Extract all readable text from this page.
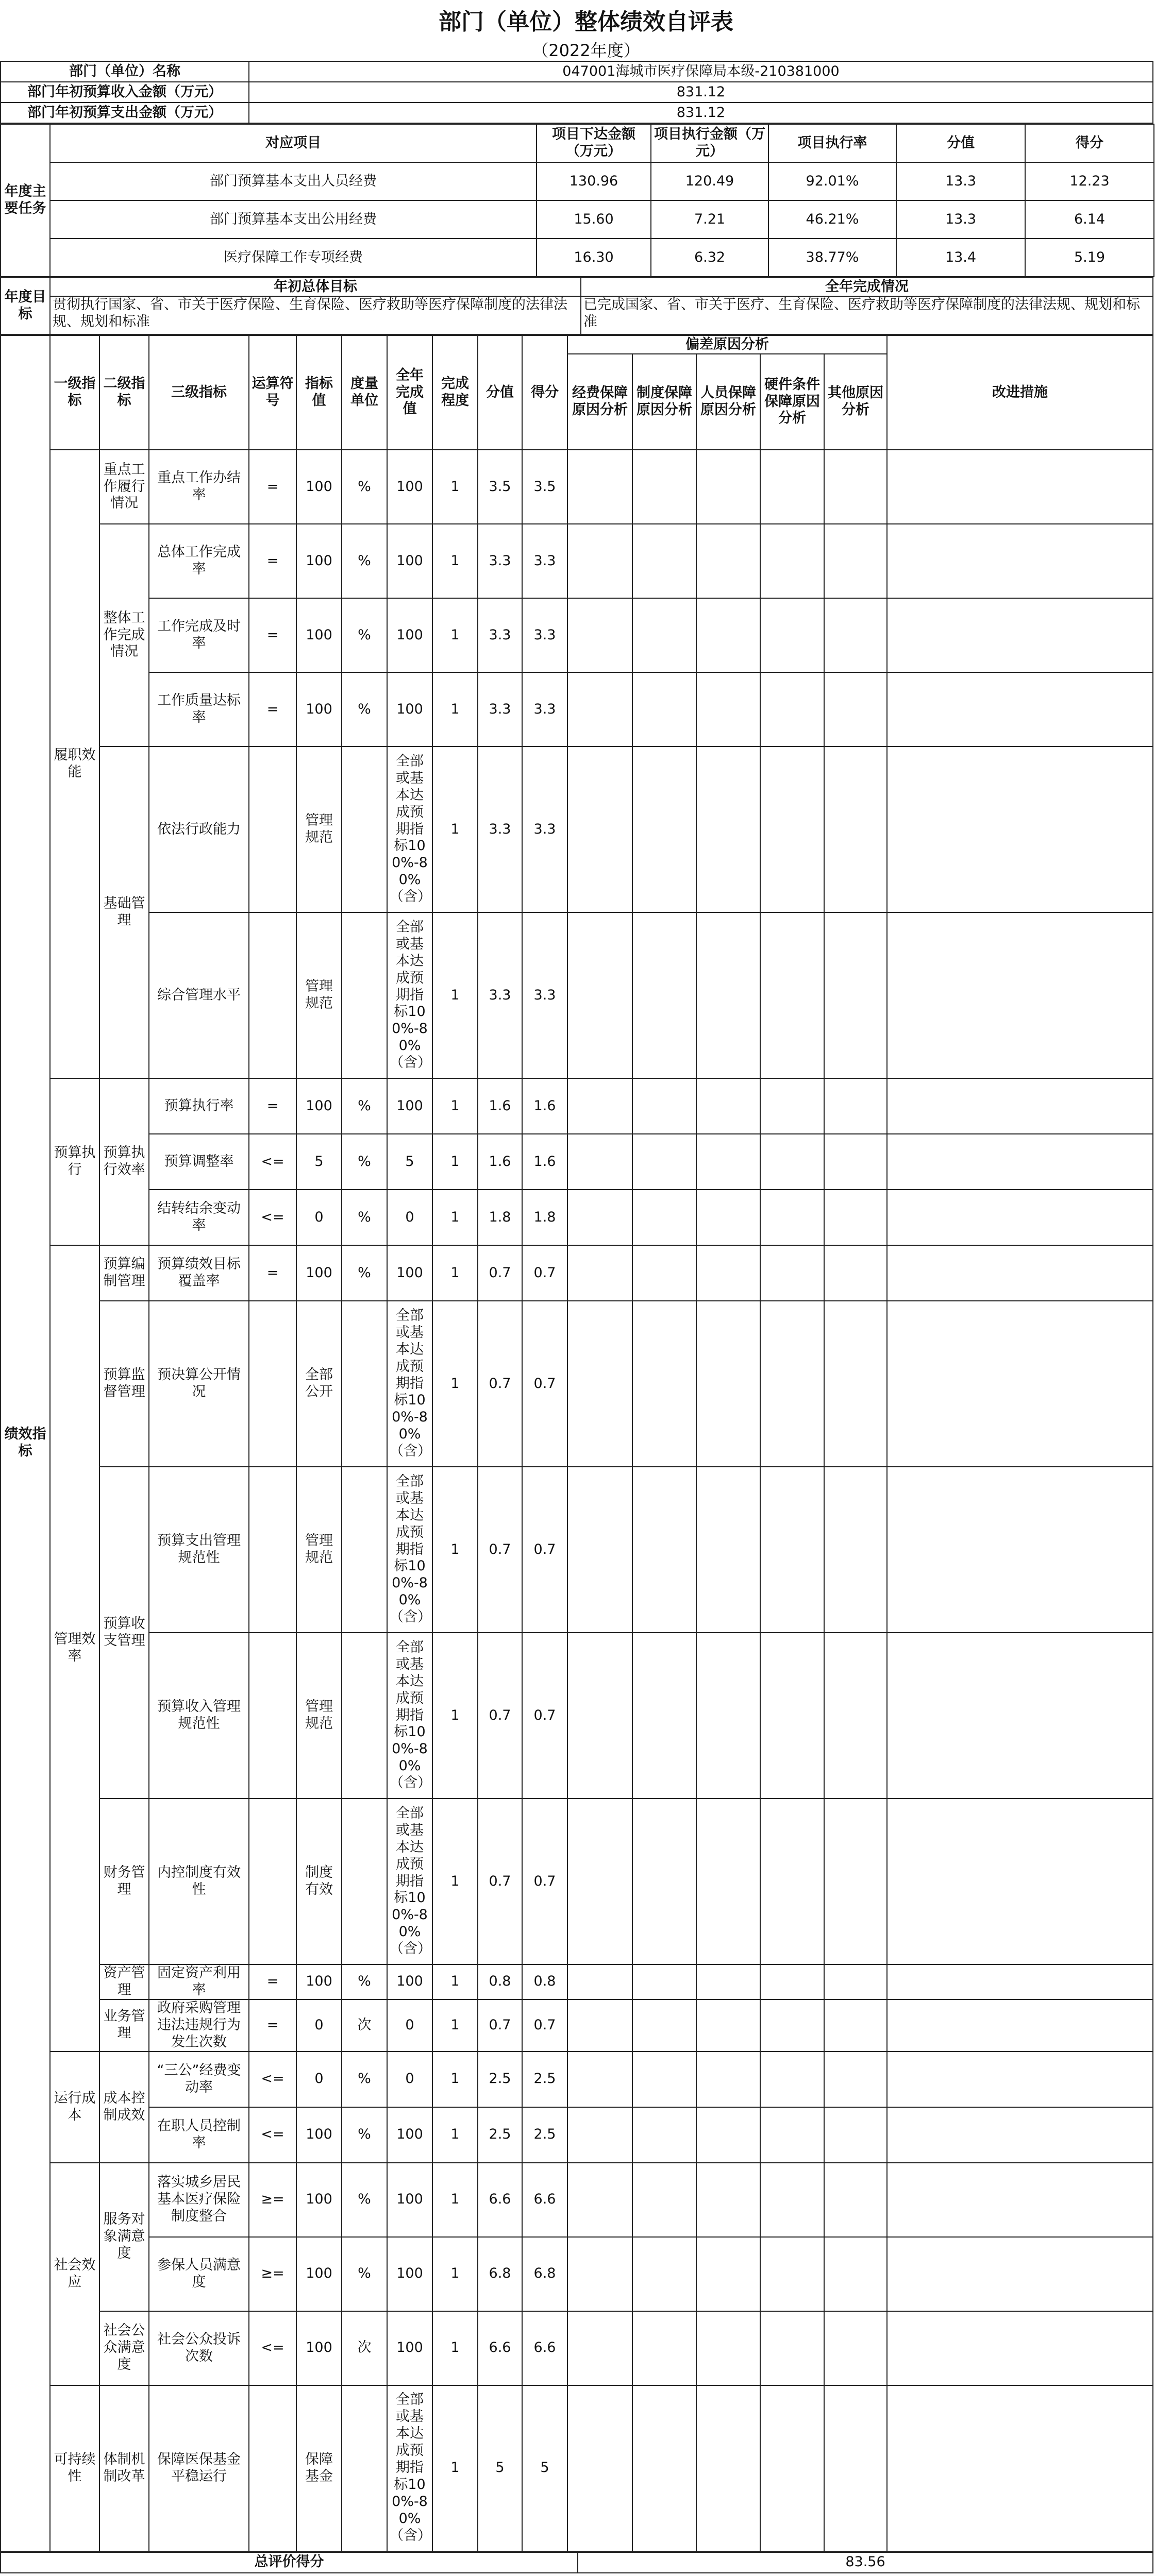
部门（单位）整体绩效自评表
（2022年度）
部门（单位）名称	047001海城市医疗保障局本级-210381000
部门年初预算收入金额（万元）	831.12
部门年初预算支出金额（万元）	831.12
年度主要任务	对应项目	项目下达金额（万元）	项目执行金额（万元）	项目执行率	分值	得分
	部门预算基本支出人员经费	130.96	120.49	92.01%	13.3	12.23
	部门预算基本支出公用经费	15.60	7.21	46.21%	13.3	6.14
	医疗保障工作专项经费	16.30	6.32	38.77%	13.4	5.19
年度目标	年初总体目标	全年完成情况
	贯彻执行国家、省、市关于医疗保险、生育保险、医疗救助等医疗保障制度的法律法规、规划和标准	已完成国家、省、市关于医疗、生育保险、医疗救助等医疗保障制度的法律法规、规划和标准
绩效指标	一级指标	二级指标	三级指标	运算符号	指标值	度量单位	全年完成值	完成程度	分值	得分	偏差原因分析					改进措施
											经费保障原因分析	制度保障原因分析	人员保障原因分析	硬件条件保障原因分析	其他原因分析	
	履职效能	重点工作履行情况	重点工作办结率	=	100	%	100	1	3.5	3.5						
		整体工作完成情况	总体工作完成率	=	100	%	100	1	3.3	3.3						
			工作完成及时率	=	100	%	100	1	3.3	3.3						
			工作质量达标率	=	100	%	100	1	3.3	3.3						
		基础管理	依法行政能力		管理规范		全部或基本达成预期指标100%-80%（含）	1	3.3	3.3						
			综合管理水平		管理规范		全部或基本达成预期指标100%-80%（含）	1	3.3	3.3						
	预算执行	预算执行效率	预算执行率	=	100	%	100	1	1.6	1.6						
			预算调整率	<=	5	%	5	1	1.6	1.6						
			结转结余变动率	<=	0	%	0	1	1.8	1.8						
	管理效率	预算编制管理	预算绩效目标覆盖率	=	100	%	100	1	0.7	0.7						
		预算监督管理	预决算公开情况		全部公开		全部或基本达成预期指标100%-80%（含）	1	0.7	0.7						
		预算收支管理	预算支出管理规范性		管理规范		全部或基本达成预期指标100%-80%（含）	1	0.7	0.7						
			预算收入管理规范性		管理规范		全部或基本达成预期指标100%-80%（含）	1	0.7	0.7						
		财务管理	内控制度有效性		制度有效		全部或基本达成预期指标100%-80%（含）	1	0.7	0.7						
		资产管理	固定资产利用率	=	100	%	100	1	0.8	0.8						
		业务管理	政府采购管理违法违规行为发生次数	=	0	次	0	1	0.7	0.7						
	运行成本	成本控制成效	“三公”经费变动率	<=	0	%	0	1	2.5	2.5						
			在职人员控制率	<=	100	%	100	1	2.5	2.5						
	社会效应	服务对象满意度	落实城乡居民基本医疗保险制度整合	≥=	100	%	100	1	6.6	6.6						
			参保人员满意度	≥=	100	%	100	1	6.8	6.8						
		社会公众满意度	社会公众投诉次数	<=	100	次	100	1	6.6	6.6						
	可持续性	体制机制改革	保障医保基金平稳运行		保障基金		全部或基本达成预期指标100%-80%（含）	1	5	5						
总评价得分	83.56
